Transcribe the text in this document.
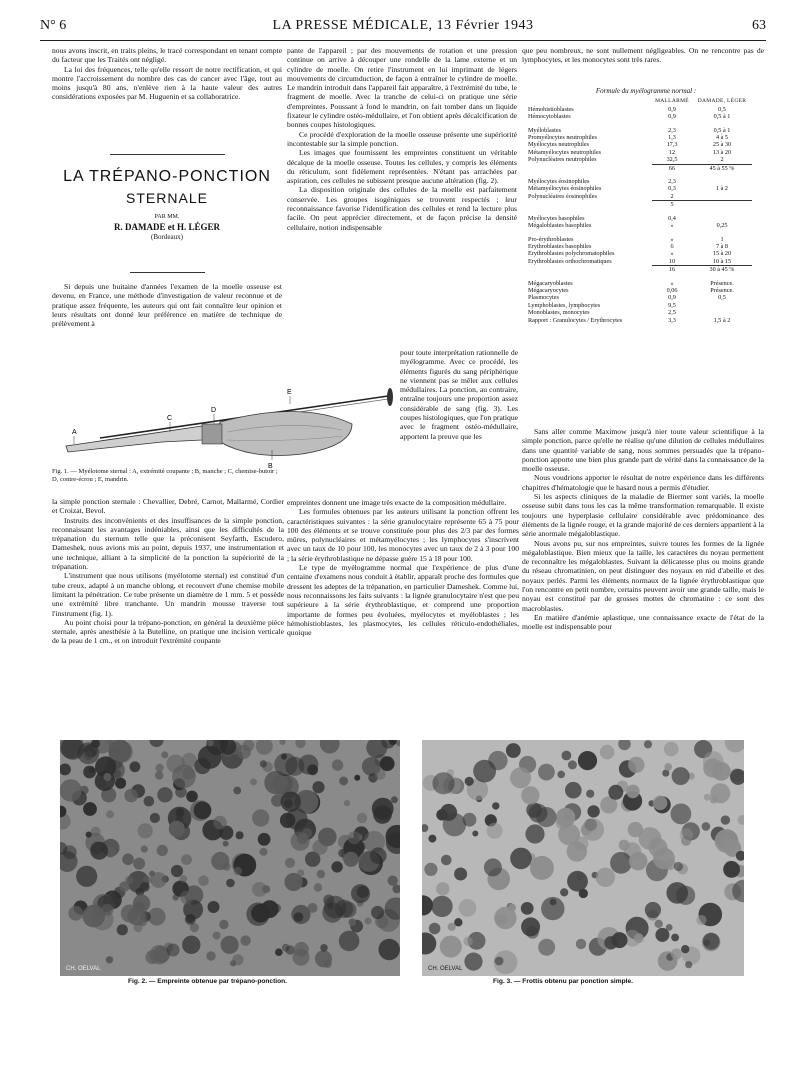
N° 6	LA PRESSE MÉDICALE, 13 Février 1943	63

nous avons inscrit, en traits pleins, le tracé correspondant en tenant compte du facteur que les Traités ont négligé.

La loi des fréquences, telle qu'elle ressort de notre rectification, et qui montre l'accroissement du nombre des cas de cancer avec l'âge, tout au moins jusqu'à 80 ans, n'enlève rien à la haute valeur des autres considérations exposées par M. Huguenin et sa collaboratrice.

LA TRÉPANO-PONCTION
STERNALE
PAR MM.
R. DAMADE et H. LÉGER
(Bordeaux)

Si depuis une huitaine d'années l'examen de la moelle osseuse est devenu, en France, une méthode d'investigation de valeur reconnue et de pratique assez fréquente, les auteurs qui ont fait connaître leur opinion et leurs résultats ont donné leur préférence en matière de technique de prélèvement à

A
B
C
D
E
Fig. 1. — Myélotome sternal : A, extrémité coupante ; B, manche ; C, chemise-butoir ; D, contre-écrou ; E, mandrin.

la simple ponction sternale : Chevallier, Debré, Carnot, Mallarmé, Cordier et Croizat, Bevol.

Instruits des inconvénients et des insuffisances de la simple ponction, reconnaissant les avantages indéniables, ainsi que les difficultés de la trépanation du sternum telle que la préconisent Seyfarth, Escudero, Dameshek, nous avions mis au point, depuis 1937, une instrumentation et une technique, alliant à la simplicité de la ponction la supériorité de la trépanation.

L'instrument que nous utilisons (myélotome sternal) est constitué d'un tube creux, adapté à un manche oblong, et recouvert d'une chemise mobile limitant la pénétration. Ce tube présente un diamètre de 1 mm. 5 et possède une extrémité libre tranchante. Un mandrin mousse traverse tout l'instrument (fig. 1).

Au point choisi pour la trépano-ponction, en général la deuxième pièce sternale, après anesthésie à la Butelline, on pratique une incision verticale de la peau de 1 cm., et on introduit l'extrémité coupante

pante de l'appareil ; par des mouvements de rotation et une pression continue on arrive à découper une rondelle de la lame externe et un cylindre de moelle. On retire l'instrument en lui imprimant de légers mouvements de circumduction, de façon à entraîner le cylindre de moelle. Le mandrin introduit dans l'appareil fait apparaître, à l'extrémité du tube, le fragment de moelle. Avec la tranche de celui-ci on pratique une série d'empreintes. Poussant à fond le mandrin, on fait tomber dans un liquide fixateur le cylindre ostéo-médullaire, et l'on obtient après décalcification de bonnes coupes histologiques.

Ce procédé d'exploration de la moelle osseuse présente une supériorité incontestable sur la simple ponction.

Les images que fournissent les empreintes constituent un véritable décalque de la moelle osseuse. Toutes les cellules, y compris les éléments du réticulum, sont fidèlement représentées. N'étant pas arrachées par aspiration, ces cellules ne subissent presque aucune altération (fig. 2).

La disposition originale des cellules de la moelle est parfaitement conservée. Les groupes isogéniques se trouvent respectés ; leur reconnaissance favorise l'identification des cellules et rend la lecture plus facile. On peut apprécier directement, et de façon précise la densité cellulaire, notion indispensable

pour toute interprétation rationnelle de myélogramme. Avec ce procédé, les éléments figurés du sang périphérique ne viennent pas se mêler aux cellules médullaires. La ponction, au contraire, entraîne toujours une proportion assez considérable de sang (fig. 3). Les coupes histologiques, que l'on pratique avec le fragment ostéo-médullaire, apportent la preuve que les

empreintes donnent une image très exacte de la composition médullaire.

Les formules obtenues par les auteurs utilisant la ponction offrent les caractéristiques suivantes : la série granulocytaire représente 65 à 75 pour 100 des éléments et se trouve constituée pour plus des 2/3 par des formes mûres, polynucléaires et métamyélocytes ; les lymphocytes s'inscrivent avec un taux de 10 pour 100, les monocytes avec un taux de 2 à 3 pour 100 ; la série érythroblastique ne dépasse guère 15 à 18 pour 100.

Le type de myélogramme normal que l'expérience de plus d'une centaine d'examens nous conduit à établir, apparaît proche des formules que dressent les adeptes de la trépanation, en particulier Dameshek. Comme lui, nous reconnaissons les faits suivants : la lignée granulocytaire n'est que peu supérieure à la série érythroblastique, et comprend une proportion importante de formes peu évoluées, myélocytes et myéloblastes ; les hémohistioblastes, les plasmocytes, les cellules réticulo-endothéliales, quoique

que peu nombreux, ne sont nullement négligeables. On ne rencontre pas de lymphocytes, et les monocytes sont très rares.

Formule du myélogramme normal :
MALLARMÉ	DAMADE, LÉGER
Hémohistioblastes	0,9	0,5
Hémocytoblastes	0,9	0,5 à 1
Myéloblastes	2,3	0,5 à 1
Promyélocytes neutrophiles	1,3	4 à 5
Myélocytes neutrophiles	17,3	25 à 30
Métamyélocytes neutrophiles	12	13 à 20
Polynucléaires neutrophiles	32,5	2
66	45 à 55 %
Myélocytes éosinophiles	2,3
Métamyélocytes éosinophiles	0,3	1 à 2
Polynucléaires éosinophiles	2
5
Myélocytes basophiles	0,4
Mégaloblastes basophiles	»	0,25
Pro-érythroblastes	»	1
Erythroblastes basophiles	6	7 à 8
Erythroblastes polychromatophiles	»	15 à 20
Erythroblastes orthochromatiques	10	10 à 15
16	30 à 45 %
Mégacaryoblastes	»	Présence.
Mégacaryocytes	0,06	Présence.
Plasmocytes	0,9	0,5
Lymphoblastes, lymphocytes	9,5
Monoblastes, monocytes	2,5
Rapport : Granulocytes / Erythrocytes	3,3	1,5 à 2

Sans aller comme Maximow jusqu'à nier toute valeur scientifique à la simple ponction, parce qu'elle ne réalise qu'une dilution de cellules médullaires dans une quantité variable de sang, nous sommes persuadés que la trépano-ponction apporte une bien plus grande part de vérité dans la connaissance de la moelle osseuse.

Nous voudrions apporter le résultat de notre expérience dans les différents chapitres d'hématologie que le hasard nous a permis d'étudier.

Si les aspects cliniques de la maladie de Biermer sont variés, la moelle osseuse subit dans tous les cas la même transformation remarquable. Il existe toujours une hyperplasie cellulaire considérable avec prédominance des éléments de la lignée rouge, et la grande majorité de ces derniers appartient à la série anormale mégaloblastique.

Nous avons pu, sur nos empreintes, suivre toutes les formes de la lignée mégaloblastique. Bien mieux que la taille, les caractères du noyau permettent de reconnaître les mégaloblastes. Suivant la délicatesse plus ou moins grande du réseau chromatinien, on peut distinguer des noyaux en nid d'abeille et des noyaux perlés. Parmi les éléments normaux de la lignée érythroblastique que l'on rencontre en petit nombre, certains peuvent avoir une grande taille, mais le noyau est constitué par de grosses mottes de chromatine : ce sont des macroblastes.

En matière d'anémie aplastique, une connaissance exacte de l'état de la moelle est indispensable pour

CH. OELVAL	CH. OELVAL
Fig. 2. — Empreinte obtenue par trépano-ponction.	Fig. 3. — Frottis obtenu par ponction simple.
